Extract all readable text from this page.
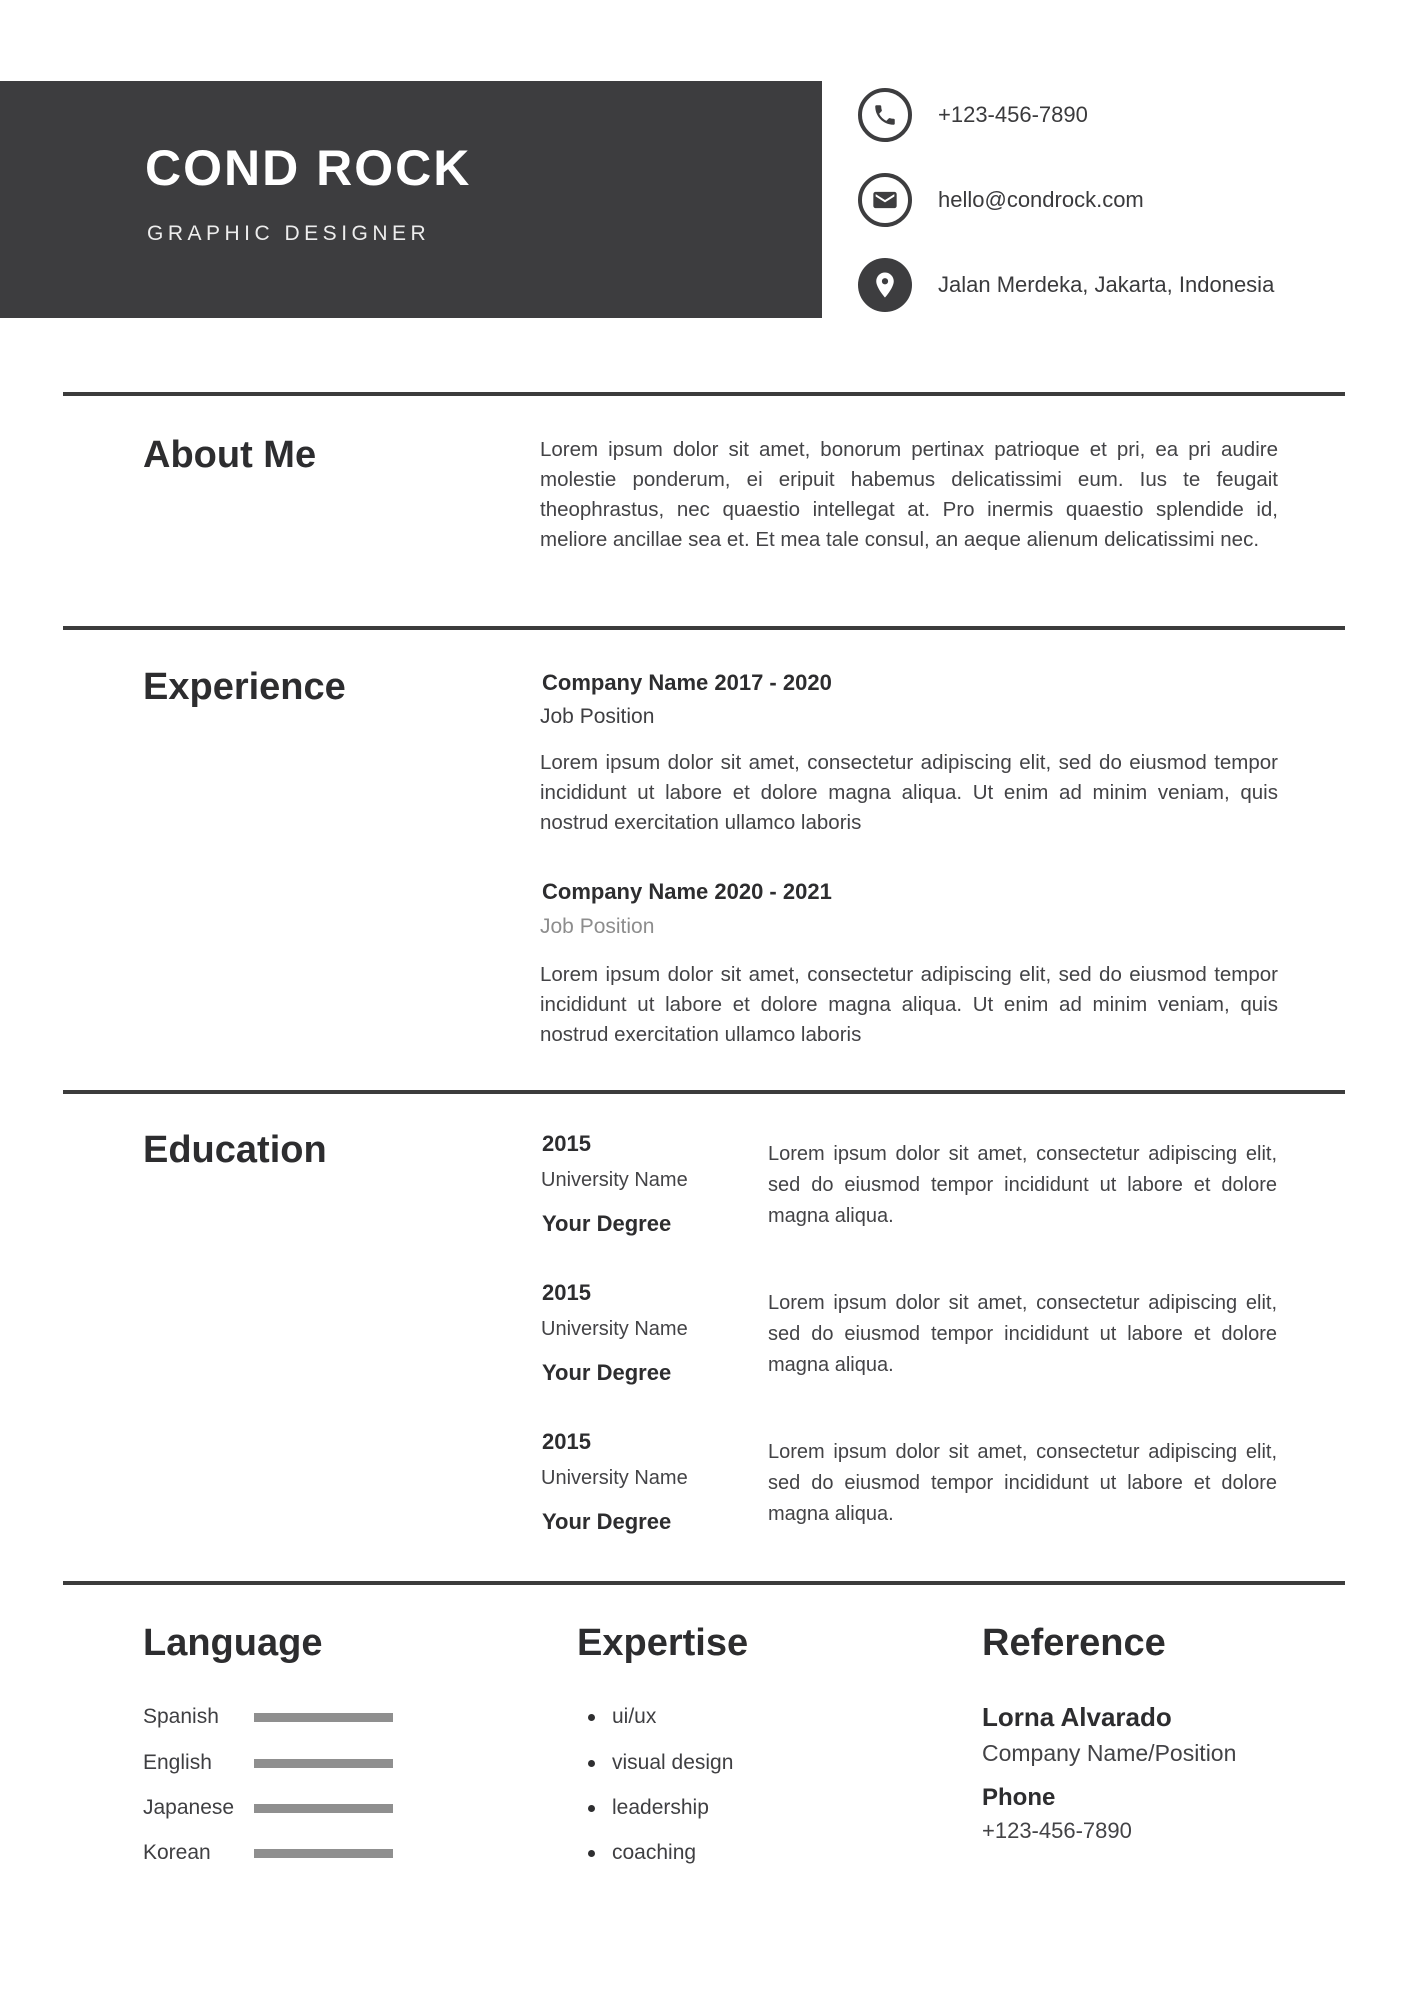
COND ROCK
GRAPHIC DESIGNER
+123-456-7890
hello@condrock.com
Jalan Merdeka, Jakarta, Indonesia
About Me	Lorem ipsum dolor sit amet, bonorum pertinax patrioque et pri, ea pri audire molestie ponderum, ei eripuit habemus delicatissimi eum. Ius te feugait theophrastus, nec quaestio intellegat at. Pro inermis quaestio splendide id, meliore ancillae sea et. Et mea tale consul, an aeque alienum delicatissimi nec.
Experience	Company Name 2017 - 2020
Job Position
Lorem ipsum dolor sit amet, consectetur adipiscing elit, sed do eiusmod tempor incididunt ut labore et dolore magna aliqua. Ut enim ad minim veniam, quis nostrud exercitation ullamco laboris
Company Name 2020 - 2021
Job Position
Lorem ipsum dolor sit amet, consectetur adipiscing elit, sed do eiusmod tempor incididunt ut labore et dolore magna aliqua. Ut enim ad minim veniam, quis nostrud exercitation ullamco laboris
Education	2015
University Name
Your Degree
Lorem ipsum dolor sit amet, consectetur adipiscing elit, sed do eiusmod tempor incididunt ut labore et dolore magna aliqua.
2015
University Name
Your Degree
Lorem ipsum dolor sit amet, consectetur adipiscing elit, sed do eiusmod tempor incididunt ut labore et dolore magna aliqua.
2015
University Name
Your Degree
Lorem ipsum dolor sit amet, consectetur adipiscing elit, sed do eiusmod tempor incididunt ut labore et dolore magna aliqua.
Language
Spanish
English
Japanese
Korean
Expertise
ui/ux
visual design
leadership
coaching
Reference
Lorna Alvarado
Company Name/Position
Phone
+123-456-7890
